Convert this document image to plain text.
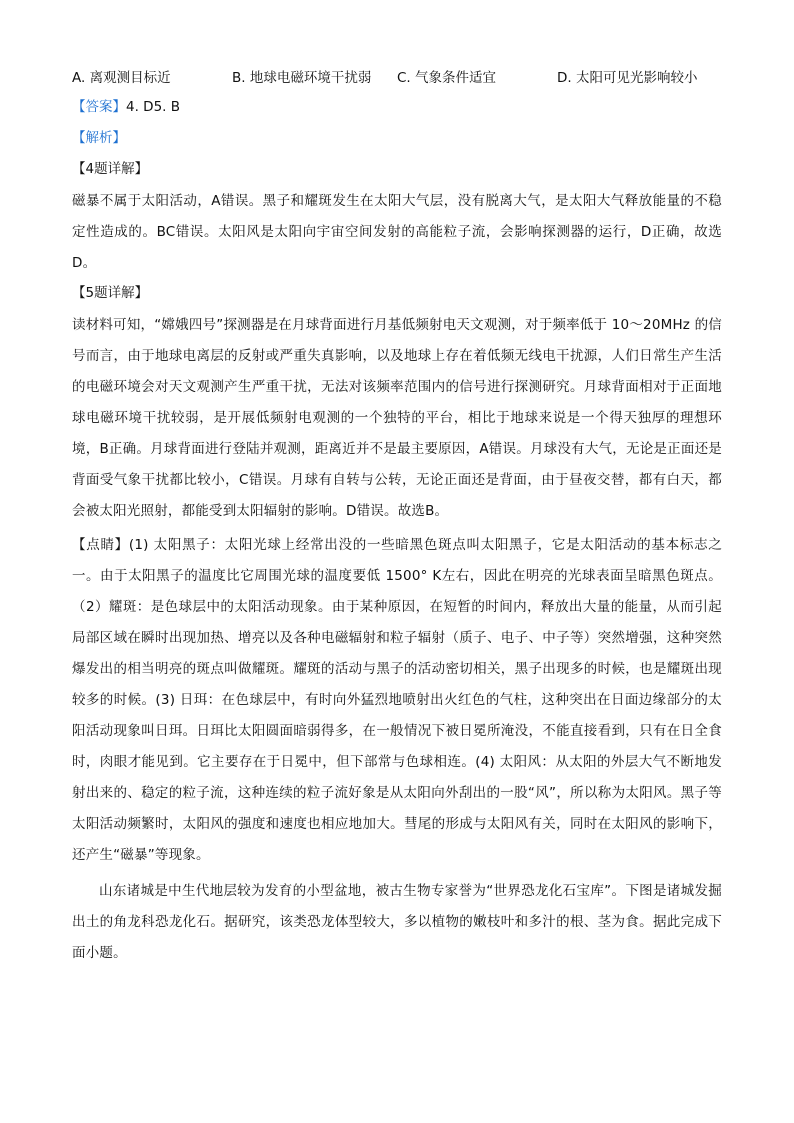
A. 离观测目标近	B. 地球电磁环境干扰弱 C. 气象条件适宜	D. 太阳可见光影响较小
【答案】4. D5. B
【解析】
【4题详解】
磁暴不属于太阳活动，A错误。黑子和耀斑发生在太阳大气层，没有脱离大气，是太阳大气释放能量的不稳定性造成的。BC错误。太阳风是太阳向宇宙空间发射的高能粒子流，会影响探测器的运行，D正确，故选D。
【5题详解】
读材料可知，“嫦娥四号”探测器是在月球背面进行月基低频射电天文观测，对于频率低于 10～20MHz 的信号而言，由于地球电离层的反射或严重失真影响，以及地球上存在着低频无线电干扰源，人们日常生产生活的电磁环境会对天文观测产生严重干扰，无法对该频率范围内的信号进行探测研究。月球背面相对于正面地球电磁环境干扰较弱，是开展低频射电观测的一个独特的平台，相比于地球来说是一个得天独厚的理想环境，B正确。月球背面进行登陆并观测，距离近并不是最主要原因，A错误。月球没有大气，无论是正面还是背面受气象干扰都比较小，C错误。月球有自转与公转，无论正面还是背面，由于昼夜交替，都有白天，都会被太阳光照射，都能受到太阳辐射的影响。D错误。故选B。
【点睛】(1) 太阳黑子：太阳光球上经常出没的一些暗黑色斑点叫太阳黑子，它是太阳活动的基本标志之一。由于太阳黑子的温度比它周围光球的温度要低 1500° K左右，因此在明亮的光球表面呈暗黑色斑点。（2）耀斑：是色球层中的太阳活动现象。由于某种原因，在短暂的时间内，释放出大量的能量，从而引起局部区域在瞬时出现加热、增亮以及各种电磁辐射和粒子辐射（质子、电子、中子等）突然增强，这种突然爆发出的相当明亮的斑点叫做耀斑。耀斑的活动与黑子的活动密切相关，黑子出现多的时候，也是耀斑出现较多的时候。(3) 日珥：在色球层中，有时向外猛烈地喷射出火红色的气柱，这种突出在日面边缘部分的太阳活动现象叫日珥。日珥比太阳圆面暗弱得多，在一般情况下被日冕所淹没，不能直接看到，只有在日全食时，肉眼才能见到。它主要存在于日冕中，但下部常与色球相连。(4) 太阳风：从太阳的外层大气不断地发射出来的、稳定的粒子流，这种连续的粒子流好象是从太阳向外刮出的一股“风”，所以称为太阳风。黑子等太阳活动频繁时，太阳风的强度和速度也相应地加大。彗尾的形成与太阳风有关，同时在太阳风的影响下，还产生“磁暴”等现象。
山东诸城是中生代地层较为发育的小型盆地，被古生物专家誉为“世界恐龙化石宝库”。下图是诸城发掘出土的角龙科恐龙化石。据研究，该类恐龙体型较大，多以植物的嫩枝叶和多汁的根、茎为食。据此完成下面小题。
